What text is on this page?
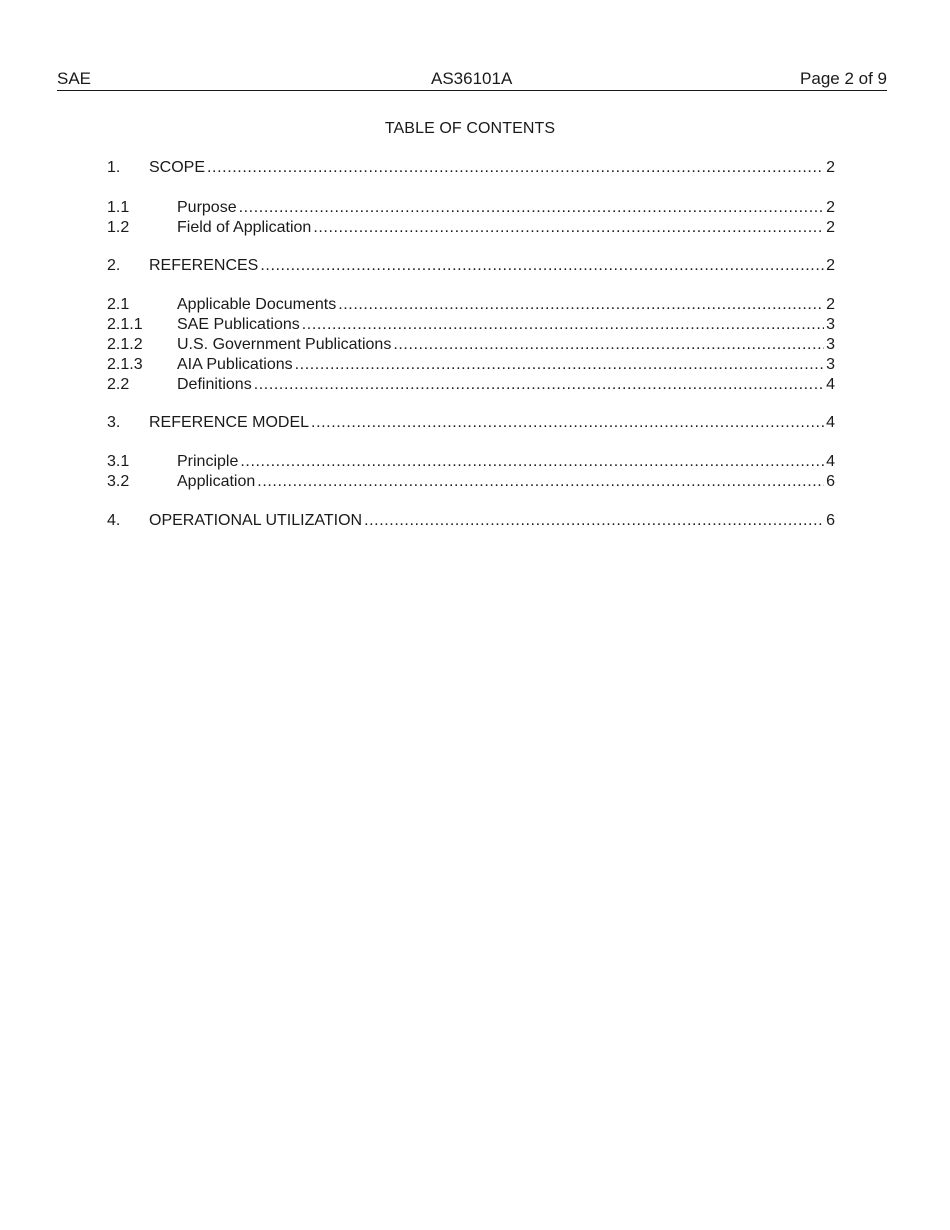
SAE	AS36101A	Page 2 of 9
TABLE OF CONTENTS
1. SCOPE .....	2
1.1	Purpose .....	2
1.2	Field of Application .....	2
2. REFERENCES .....	2
2.1	Applicable Documents .....	2
2.1.1 SAE Publications .....	3
2.1.2 U.S. Government Publications .....	3
2.1.3 AIA Publications .....	3
2.2	Definitions .....	4
3. REFERENCE MODEL .....	4
3.1	Principle .....	4
3.2	Application .....	6
4. OPERATIONAL UTILIZATION .....	6
